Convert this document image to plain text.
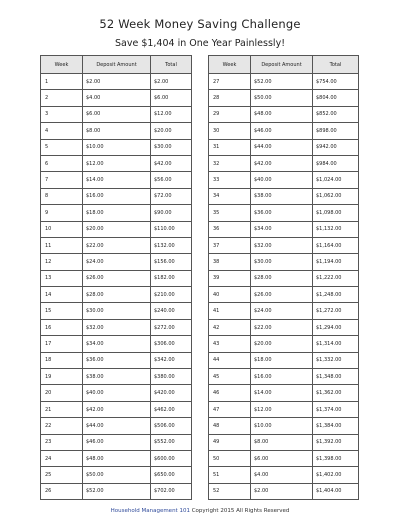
52 Week Money Saving Challenge
Save $1,404 in One Year Painlessly!
Week	Deposit Amount	Total
1	$2.00	$2.00
2	$4.00	$6.00
3	$6.00	$12.00
4	$8.00	$20.00
5	$10.00	$30.00
6	$12.00	$42.00
7	$14.00	$56.00
8	$16.00	$72.00
9	$18.00	$90.00
10	$20.00	$110.00
11	$22.00	$132.00
12	$24.00	$156.00
13	$26.00	$182.00
14	$28.00	$210.00
15	$30.00	$240.00
16	$32.00	$272.00
17	$34.00	$306.00
18	$36.00	$342.00
19	$38.00	$380.00
20	$40.00	$420.00
21	$42.00	$462.00
22	$44.00	$506.00
23	$46.00	$552.00
24	$48.00	$600.00
25	$50.00	$650.00
26	$52.00	$702.00
Week	Deposit Amount	Total
27	$52.00	$754.00
28	$50.00	$804.00
29	$48.00	$852.00
30	$46.00	$898.00
31	$44.00	$942.00
32	$42.00	$984.00
33	$40.00	$1,024.00
34	$38.00	$1,062.00
35	$36.00	$1,098.00
36	$34.00	$1,132.00
37	$32.00	$1,164.00
38	$30.00	$1,194.00
39	$28.00	$1,222.00
40	$26.00	$1,248.00
41	$24.00	$1,272.00
42	$22.00	$1,294.00
43	$20.00	$1,314.00
44	$18.00	$1,332.00
45	$16.00	$1,348.00
46	$14.00	$1,362.00
47	$12.00	$1,374.00
48	$10.00	$1,384.00
49	$8.00	$1,392.00
50	$6.00	$1,398.00
51	$4.00	$1,402.00
52	$2.00	$1,404.00
Household Management 101 Copyright 2015 All Rights Reserved
